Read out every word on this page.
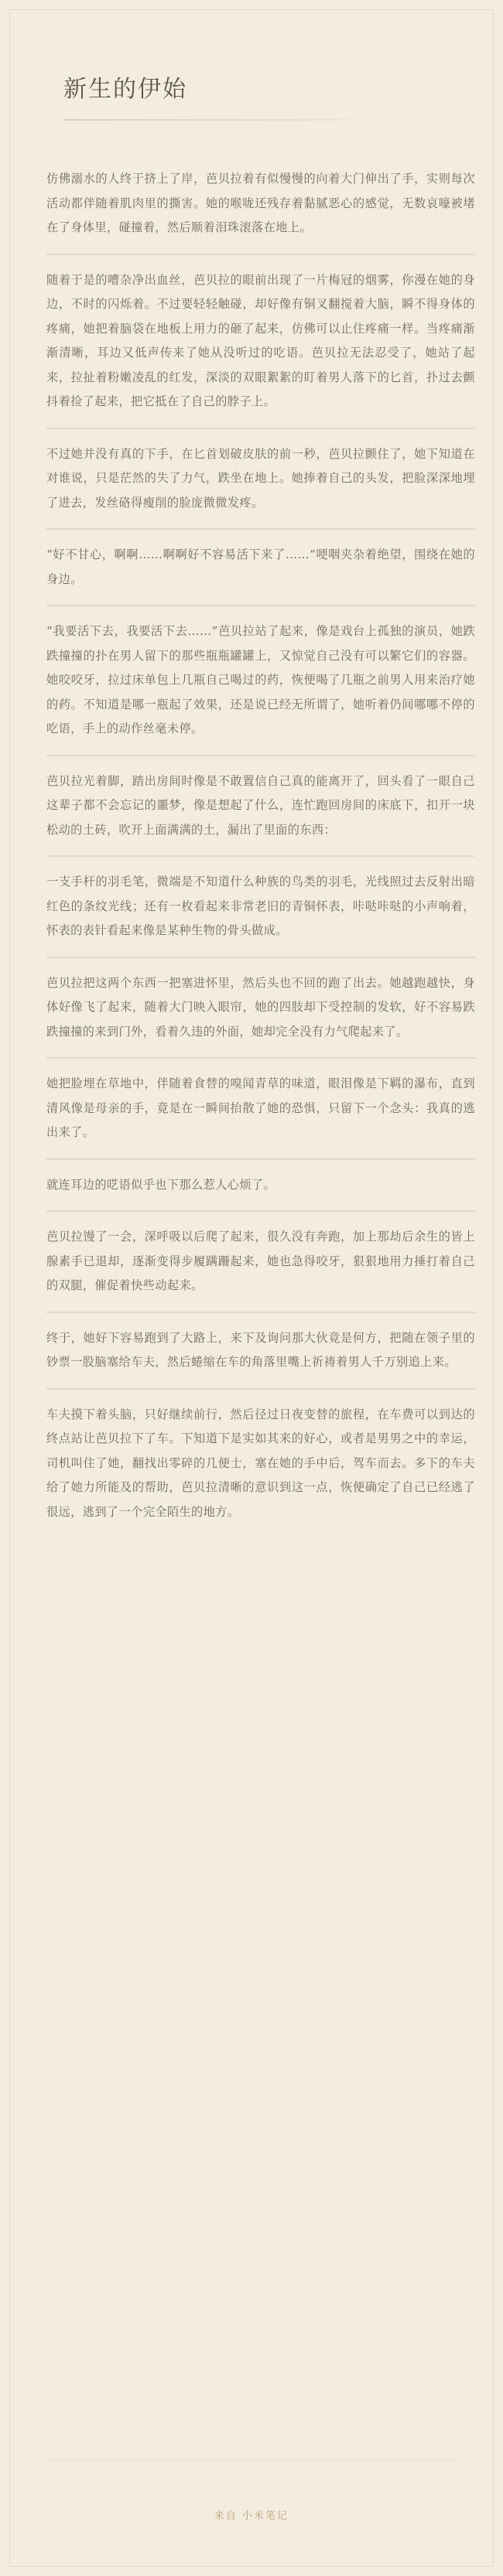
新生的伊始

仿佛溺水的人终于挤上了岸，芭贝拉着有似慢慢的向着大门伸出了手，实则每次活动都伴随着肌肉里的撕害。她的喉咙还残存着黏腻恶心的感觉，无数哀嚎被堵在了身体里，碰撞着，然后顺着泪珠滚落在地上。

随着于是的嘈杂净出血丝，芭贝拉的眼前出现了一片梅冠的烟雾，你漫在她的身边，不时的闪烁着。不过要轻轻触碰，却好像有铜叉翻搅着大脑，瞬不得身体的疼痛，她把着脑袋在地板上用力的砸了起来，仿佛可以止住疼痛一样。当疼痛渐渐清晰，耳边又低声传来了她从没听过的吃语。芭贝拉无法忍受了，她站了起来，拉扯着粉嫩凌乱的红发，深淡的双眼絮絮的盯着男人落下的匕首，扑过去颤抖着捡了起来，把它抵在了自己的脖子上。

不过她并没有真的下手，在匕首划破皮肤的前一秒，芭贝拉颤住了，她下知道在对谁说，只是茫然的失了力气，跌坐在地上。她捧着自己的头发，把脸深深地埋了进去，发丝硌得瘦削的脸庞微微发疼。

“好不甘心，啊啊……啊啊好不容易活下来了……”哽咽夹杂着绝望，围绕在她的身边。

“我要活下去，我要活下去……”芭贝拉站了起来，像是戏台上孤独的演员，她跌跌撞撞的扑在男人留下的那些瓶瓶罐罐上，又惊觉自己没有可以繁它们的容器。她咬咬牙，拉过床单包上几瓶自己喝过的药，恢便喝了几瓶之前男人用来治疗她的药。不知道是哪一瓶起了效果，还是说已经无所谓了，她听着仍间哪哪不停的吃语，手上的动作丝毫未停。

芭贝拉光着脚，踏出房间时像是不敢置信自己真的能离开了，回头看了一眼自己这辈子都不会忘记的噩梦，像是想起了什么，连忙跑回房间的床底下，扣开一块松动的土砖，吹开上面满满的土，漏出了里面的东西：

一支手杆的羽毛笔，微端是不知道什么种族的鸟类的羽毛，光线照过去反射出暗红色的条纹光线；还有一枚看起来非常老旧的青铜怀表，咔哒咔哒的小声响着，怀表的表针看起来像是某种生物的骨头做成。

芭贝拉把这两个东西一把塞进怀里，然后头也不回的跑了出去。她越跑越快，身体好像飞了起来，随着大门映入眼帘，她的四肢却下受控制的发软，好不容易跌跌撞撞的来到门外，看着久违的外面，她却完全没有力气爬起来了。

她把脸埋在草地中，伴随着食替的嗅闻青草的味道，眼泪像是下羁的瀑布，直到清风像是母亲的手，竟是在一瞬间抬散了她的恐惧，只留下一个念头：我真的逃出来了。

就连耳边的呓语似乎也下那么惹人心烦了。

芭贝拉馒了一会，深呼吸以后爬了起来，很久没有奔跑，加上那劫后余生的皆上腺素手已退却，逐渐变得步履蹒跚起来，她也急得咬牙，狠狠地用力捶打着自己的双腿，催促着快些动起来。

终于，她好下容易跑到了大路上，来下及询问那大伙竟是何方，把随在领子里的钞票一股脑塞给车夫，然后蜷缩在车的角落里嘴上祈祷着男人千万别追上来。

车夫摸下着头脑，只好继续前行，然后径过日夜变替的旅程，在车费可以到达的终点站让芭贝拉下了车。下知道下是实如其来的好心，或者是男男之中的幸运，司机叫住了她，翻找出零碎的几便士，塞在她的手中后，驾车而去。多下的车夫给了她力所能及的帮助，芭贝拉清晰的意识到这一点，恢便确定了自己已经逃了很远，逃到了一个完全陌生的地方。

来自 小米笔记
